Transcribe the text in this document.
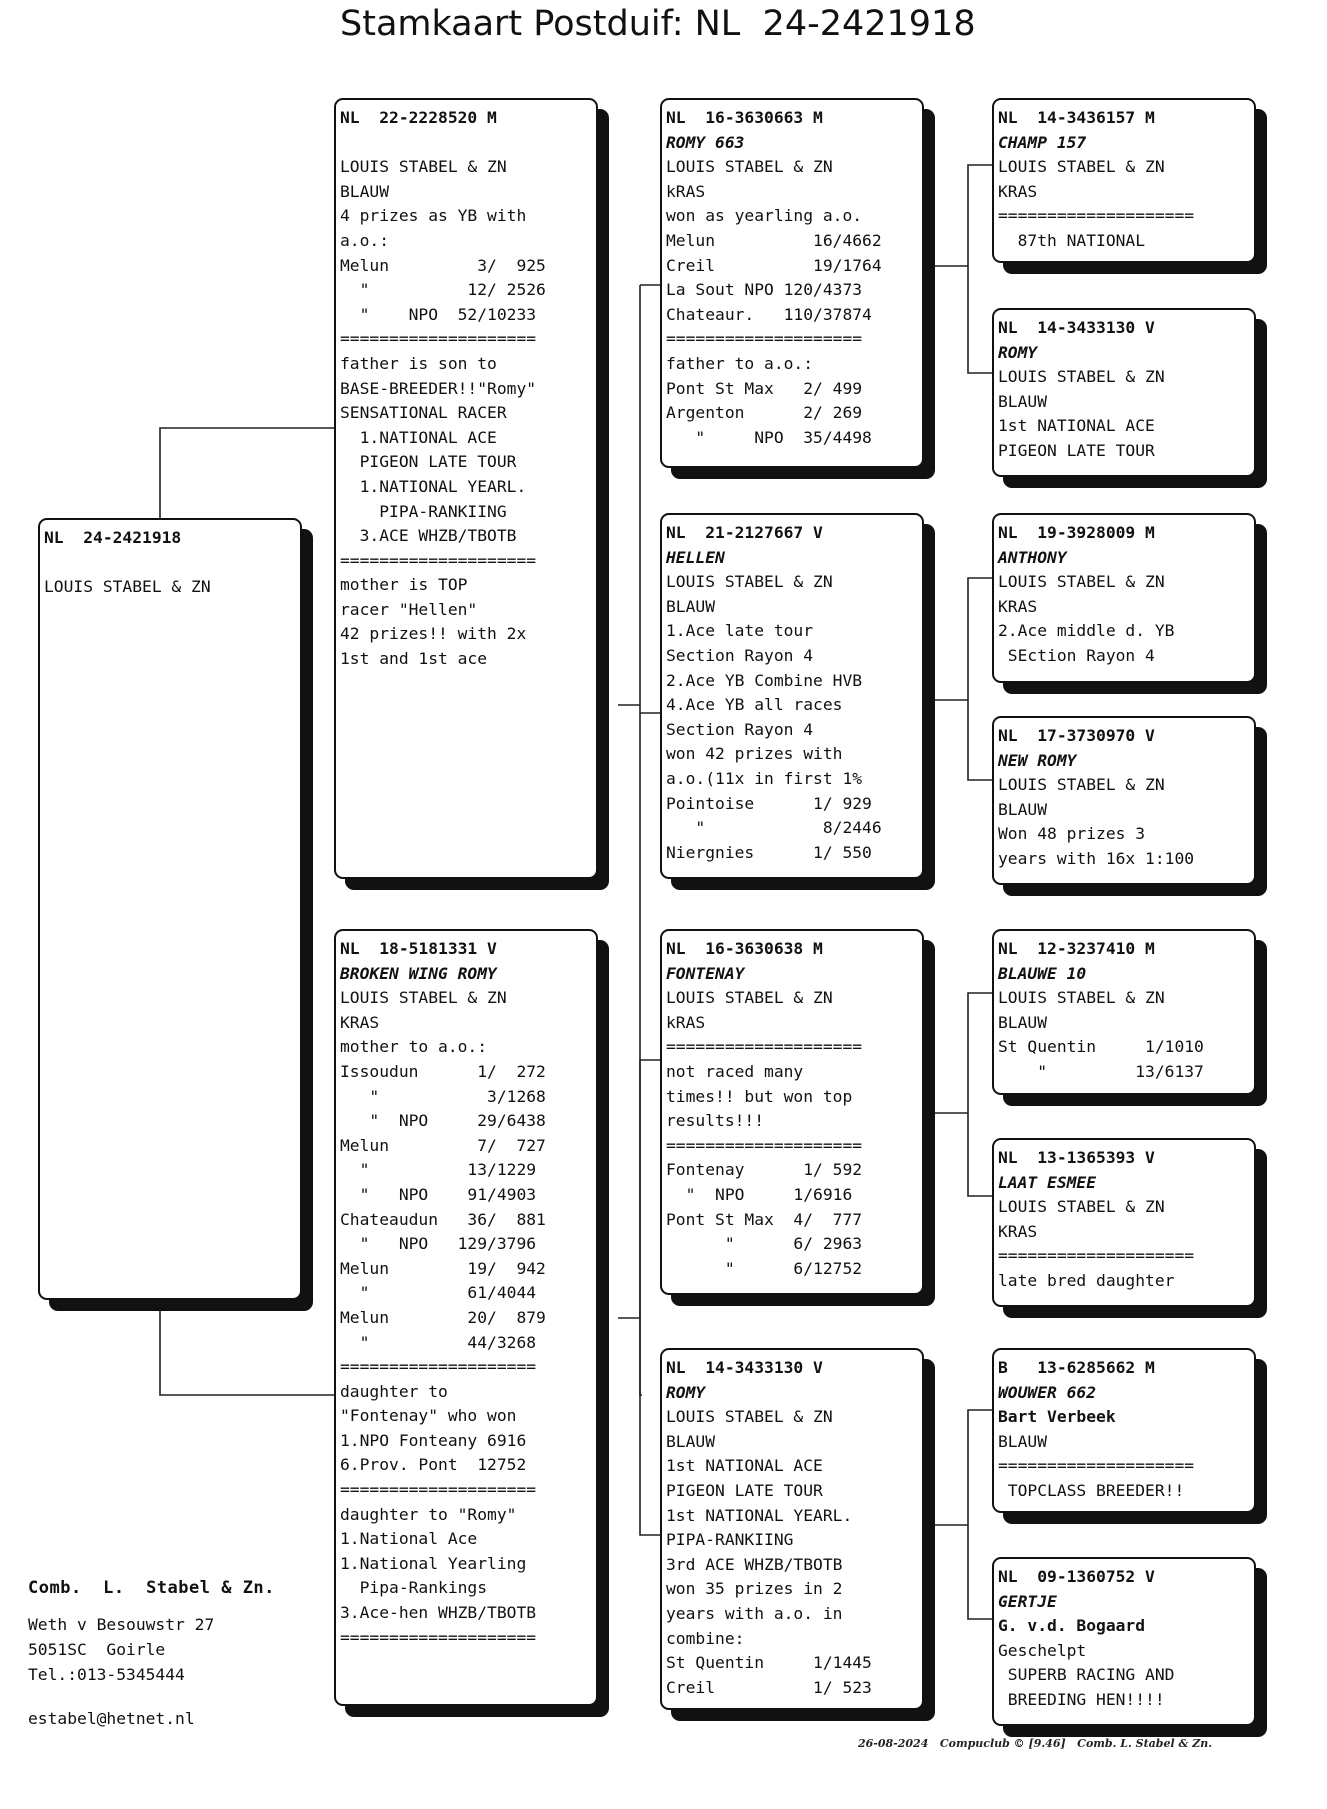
Stamkaart Postduif: NL  24-2421918
NL  24-2421918
LOUIS STABEL & ZN
NL  22-2228520 M
LOUIS STABEL & ZN
BLAUW
4 prizes as YB with
a.o.:
Melun         3/  925
"          12/ 2526
"    NPO  52/10233
====================
father is son to
BASE-BREEDER!!"Romy"
SENSATIONAL RACER
1.NATIONAL ACE
PIGEON LATE TOUR
1.NATIONAL YEARL.
PIPA-RANKIING
3.ACE WHZB/TBOTB
====================
mother is TOP
racer "Hellen"
42 prizes!! with 2x
1st and 1st ace
NL  18-5181331 V
BROKEN WING ROMY
LOUIS STABEL & ZN
KRAS
mother to a.o.:
Issoudun      1/  272
"           3/1268
"  NPO     29/6438
Melun         7/  727
"          13/1229
"   NPO    91/4903
Chateaudun   36/  881
"   NPO   129/3796
Melun        19/  942
"          61/4044
Melun        20/  879
"          44/3268
====================
daughter to
"Fontenay" who won
1.NPO Fonteany 6916
6.Prov. Pont  12752
====================
daughter to "Romy"
1.National Ace
1.National Yearling
Pipa-Rankings
3.Ace-hen WHZB/TBOTB
====================
NL  16-3630663 M
ROMY 663
LOUIS STABEL & ZN
kRAS
won as yearling a.o.
Melun          16/4662
Creil          19/1764
La Sout NPO 120/4373
Chateaur.   110/37874
====================
father to a.o.:
Pont St Max   2/ 499
Argenton      2/ 269
"     NPO  35/4498
NL  21-2127667 V
HELLEN
LOUIS STABEL & ZN
BLAUW
1.Ace late tour
Section Rayon 4
2.Ace YB Combine HVB
4.Ace YB all races
Section Rayon 4
won 42 prizes with
a.o.(11x in first 1%
Pointoise      1/ 929
"            8/2446
Niergnies      1/ 550
NL  16-3630638 M
FONTENAY
LOUIS STABEL & ZN
kRAS
====================
not raced many
times!! but won top
results!!!
====================
Fontenay      1/ 592
"  NPO     1/6916
Pont St Max  4/  777
"      6/ 2963
"      6/12752
NL  14-3433130 V
ROMY
LOUIS STABEL & ZN
BLAUW
1st NATIONAL ACE
PIGEON LATE TOUR
1st NATIONAL YEARL.
PIPA-RANKIING
3rd ACE WHZB/TBOTB
won 35 prizes in 2
years with a.o. in
combine:
St Quentin     1/1445
Creil          1/ 523
NL  14-3436157 M
CHAMP 157
LOUIS STABEL & ZN
KRAS
====================
87th NATIONAL
NL  14-3433130 V
ROMY
LOUIS STABEL & ZN
BLAUW
1st NATIONAL ACE
PIGEON LATE TOUR
NL  19-3928009 M
ANTHONY
LOUIS STABEL & ZN
KRAS
2.Ace middle d. YB
SEction Rayon 4
NL  17-3730970 V
NEW ROMY
LOUIS STABEL & ZN
BLAUW
Won 48 prizes 3
years with 16x 1:100
NL  12-3237410 M
BLAUWE 10
LOUIS STABEL & ZN
BLAUW
St Quentin     1/1010
"         13/6137
NL  13-1365393 V
LAAT ESMEE
LOUIS STABEL & ZN
KRAS
====================
late bred daughter
B   13-6285662 M
WOUWER 662
Bart Verbeek
BLAUW
====================
TOPCLASS BREEDER!!
NL  09-1360752 V
GERTJE
G. v.d. Bogaard
Geschelpt
SUPERB RACING AND
BREEDING HEN!!!!
Comb.  L.  Stabel & Zn.
Weth v Besouwstr 27
5051SC  Goirle
Tel.:013-5345444
estabel@hetnet.nl
26-08-2024   Compuclub © [9.46]   Comb. L. Stabel & Zn.
